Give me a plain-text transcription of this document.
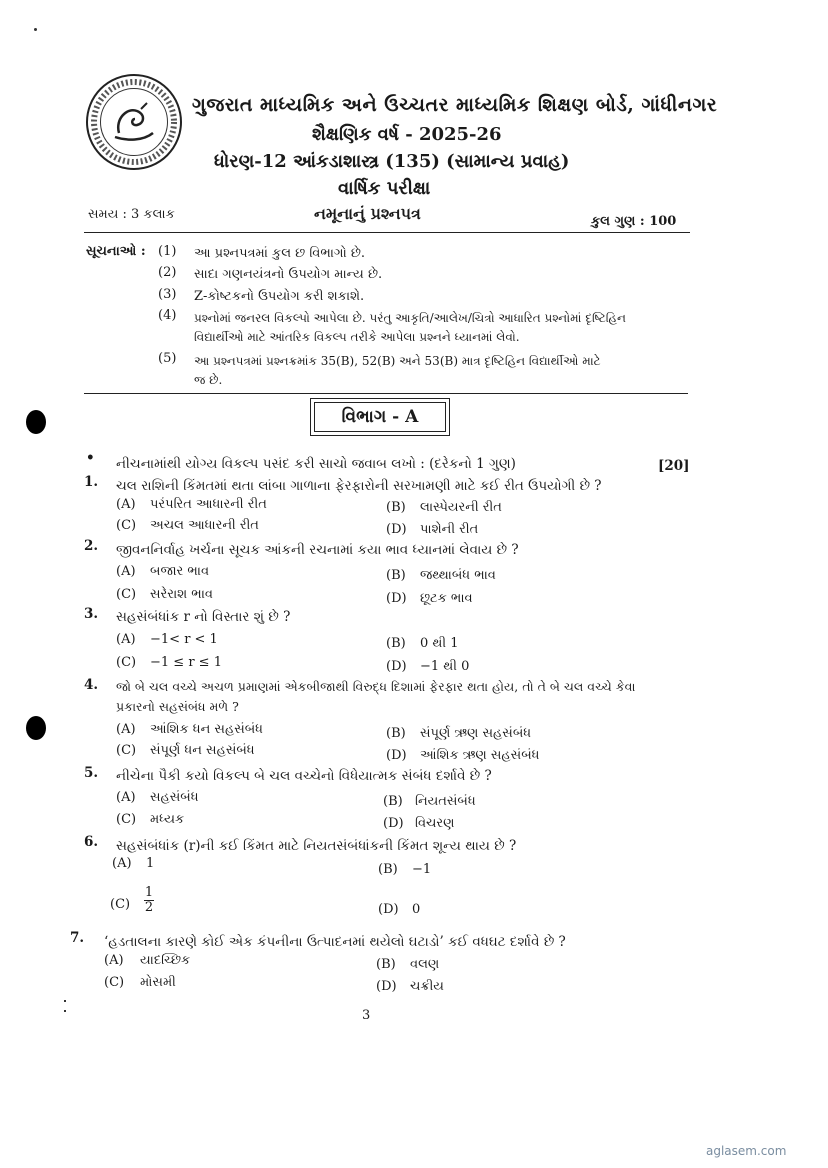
ગુજરાત માધ્યમિક અને ઉચ્ચતર માધ્યમિક શિક્ષણ બોર્ડ, ગાંધીનગર
શૈક્ષણિક વર્ષ - 2025-26
ધોરણ-12 આંકડાશાસ્ત્ર (135) (સામાન્ય પ્રવાહ)
વાર્ષિક પરીક્ષા
સમય : 3 કલાક	નમૂનાનું પ્રશ્નપત્ર	કુલ ગુણ : 100
સૂચનાઓ : (1) આ પ્રશ્નપત્રમાં કુલ છ વિભાગો છે.
(2) સાદા ગણનયંત્રનો ઉપયોગ માન્ય છે.
(3) Z-કોષ્ટકનો ઉપયોગ કરી શકાશે.
(4) પ્રશ્નોમાં જનરલ વિકલ્પો આપેલા છે. પરંતુ આકૃતિ/આલેખ/ચિત્રો આધારિત પ્રશ્નોમાં દૃષ્ટિહિન
વિદ્યાર્થીઓ માટે આંતરિક વિકલ્પ તરીકે આપેલા પ્રશ્નને ધ્યાનમાં લેવો.
(5) આ પ્રશ્નપત્રમાં પ્રશ્નક્રમાંક 35(B), 52(B) અને 53(B) માત્ર દૃષ્ટિહિન વિદ્યાર્થીઓ માટે
જ છે.
વિભાગ - A
• નીચનામાંથી યોગ્ય વિકલ્પ પસંદ કરી સાચો જવાબ લખો : (દરેકનો 1 ગુણ)	[20]
1. ચલ રાશિની કિંમતમાં થતા લાંબા ગાળાના ફેરફારોની સરખામણી માટે કઈ રીત ઉપયોગી છે ?
(A) પરંપરિત આધારની રીત	(B) લાસ્પેયરની રીત
(C) અચલ આધારની રીત	(D) પાશેની રીત
2. જીવનનિર્વાહ ખર્ચના સૂચક આંકની રચનામાં કયા ભાવ ધ્યાનમાં લેવાય છે ?
(A) બજાર ભાવ	(B) જથ્થાબંધ ભાવ
(C) સરેરાશ ભાવ	(D) છૂટક ભાવ
3. સહસંબંધાંક r નો વિસ્તાર શું છે ?
(A) −1< r < 1	(B) 0 થી 1
(C) −1 ≤ r ≤ 1	(D) −1 થી 0
4. જો બે ચલ વચ્ચે અચળ પ્રમાણમાં એકબીજાથી વિરુદ્ધ દિશામાં ફેરફાર થતા હોય, તો તે બે ચલ વચ્ચે કેવા
પ્રકારનો સહસંબંધ મળે ?
(A) આંશિક ધન સહસંબંધ	(B) સંપૂર્ણ ઋણ સહસંબંધ
(C) સંપૂર્ણ ધન સહસંબંધ	(D) આંશિક ઋણ સહસંબંધ
5. નીચેના પૈકી કયો વિકલ્પ બે ચલ વચ્ચેનો વિધેયાત્મક સંબંધ દર્શાવે છે ?
(A) સહસંબંધ	(B) નિયતસંબંધ
(C) મધ્યક	(D) વિચરણ
6. સહસંબંધાંક (r)ની કઈ કિંમત માટે નિયતસંબંધાંકની કિંમત શૂન્ય થાય છે ?
(A) 1	(B) −1
(C)
1
2	(D) 0
7. ‘હડતાલના કારણે કોઈ એક કંપનીના ઉત્પાદનમાં થયેલો ઘટાડો’ કઈ વધઘટ દર્શાવે છે ?
(A) યાદચ્છિક	(B) વલણ
(C) મોસમી	(D) ચક્રીય
3
aglasem.com
